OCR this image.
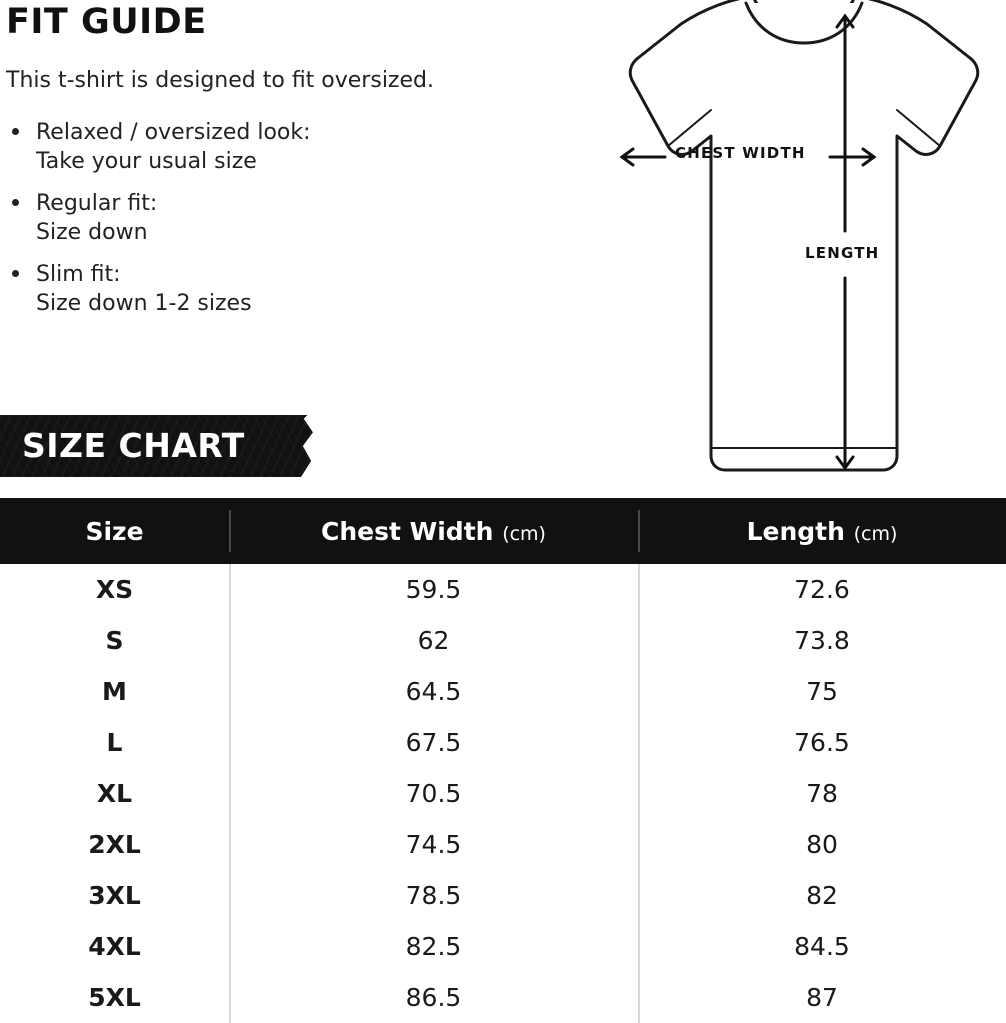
FIT GUIDE
This t-shirt is designed to fit oversized.
Relaxed / oversized look:
Take your usual size
Regular fit:
Size down
Slim fit:
Size down 1-2 sizes
SIZE CHART
CHEST WIDTH
LENGTH
Size	Chest Width (cm)	Length (cm)
XS	59.5	72.6
S	62	73.8
M	64.5	75
L	67.5	76.5
XL	70.5	78
2XL	74.5	80
3XL	78.5	82
4XL	82.5	84.5
5XL	86.5	87
